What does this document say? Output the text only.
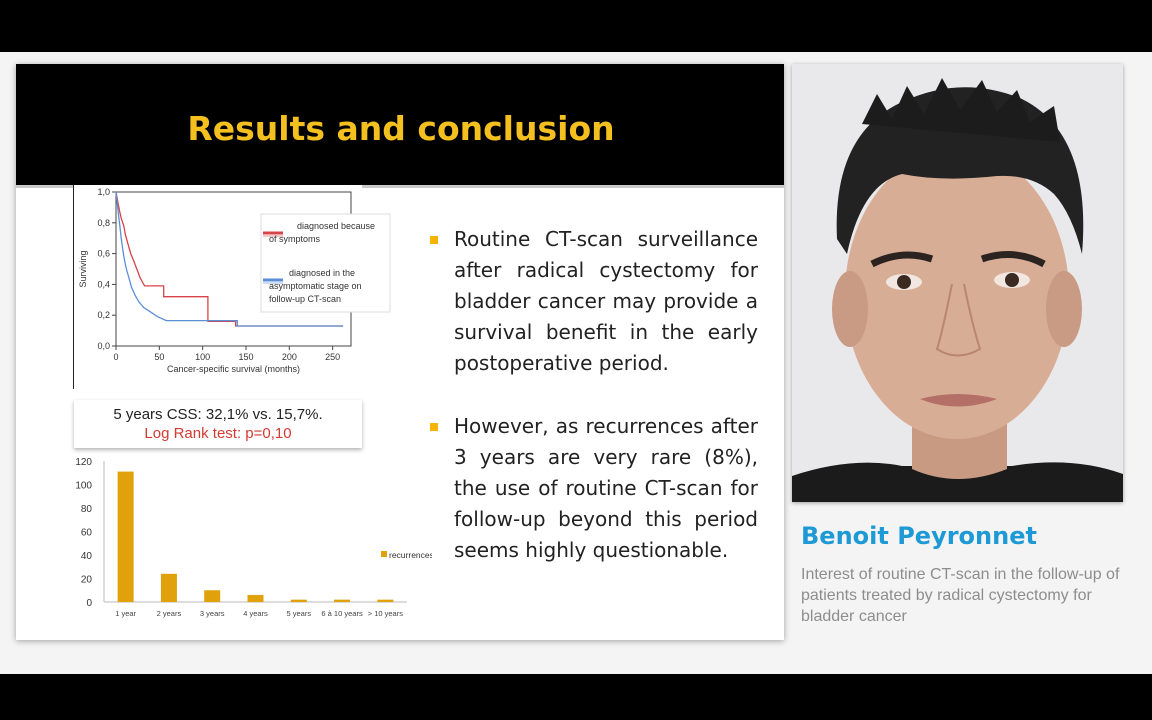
Results and conclusion
0,0
0,2
0,4
0,6
0,8
1,0
0	50	100	150	200	250
Cancer-specific survival (months)
Surviving
diagnosed because
of symptoms
diagnosed in the
asymptomatic stage on
follow-up CT-scan
5 years CSS: 32,1% vs. 15,7%.
Log Rank test: p=0,10
0
20
40
60
80
100
120
1 year	2 years 3 years 4 years 5 years 6 à 10 years > 10 years
recurrences
Routine CT-scan surveillance after radical cystectomy for bladder cancer may provide a survival benefit in the early postoperative period.
However, as recurrences after 3 years are very rare (8%), the use of routine CT-scan for follow-up beyond this period seems highly questionable.	Benoit Peyronnet
Interest of routine CT-scan in the follow-up of patients treated by radical cystectomy for bladder cancer
